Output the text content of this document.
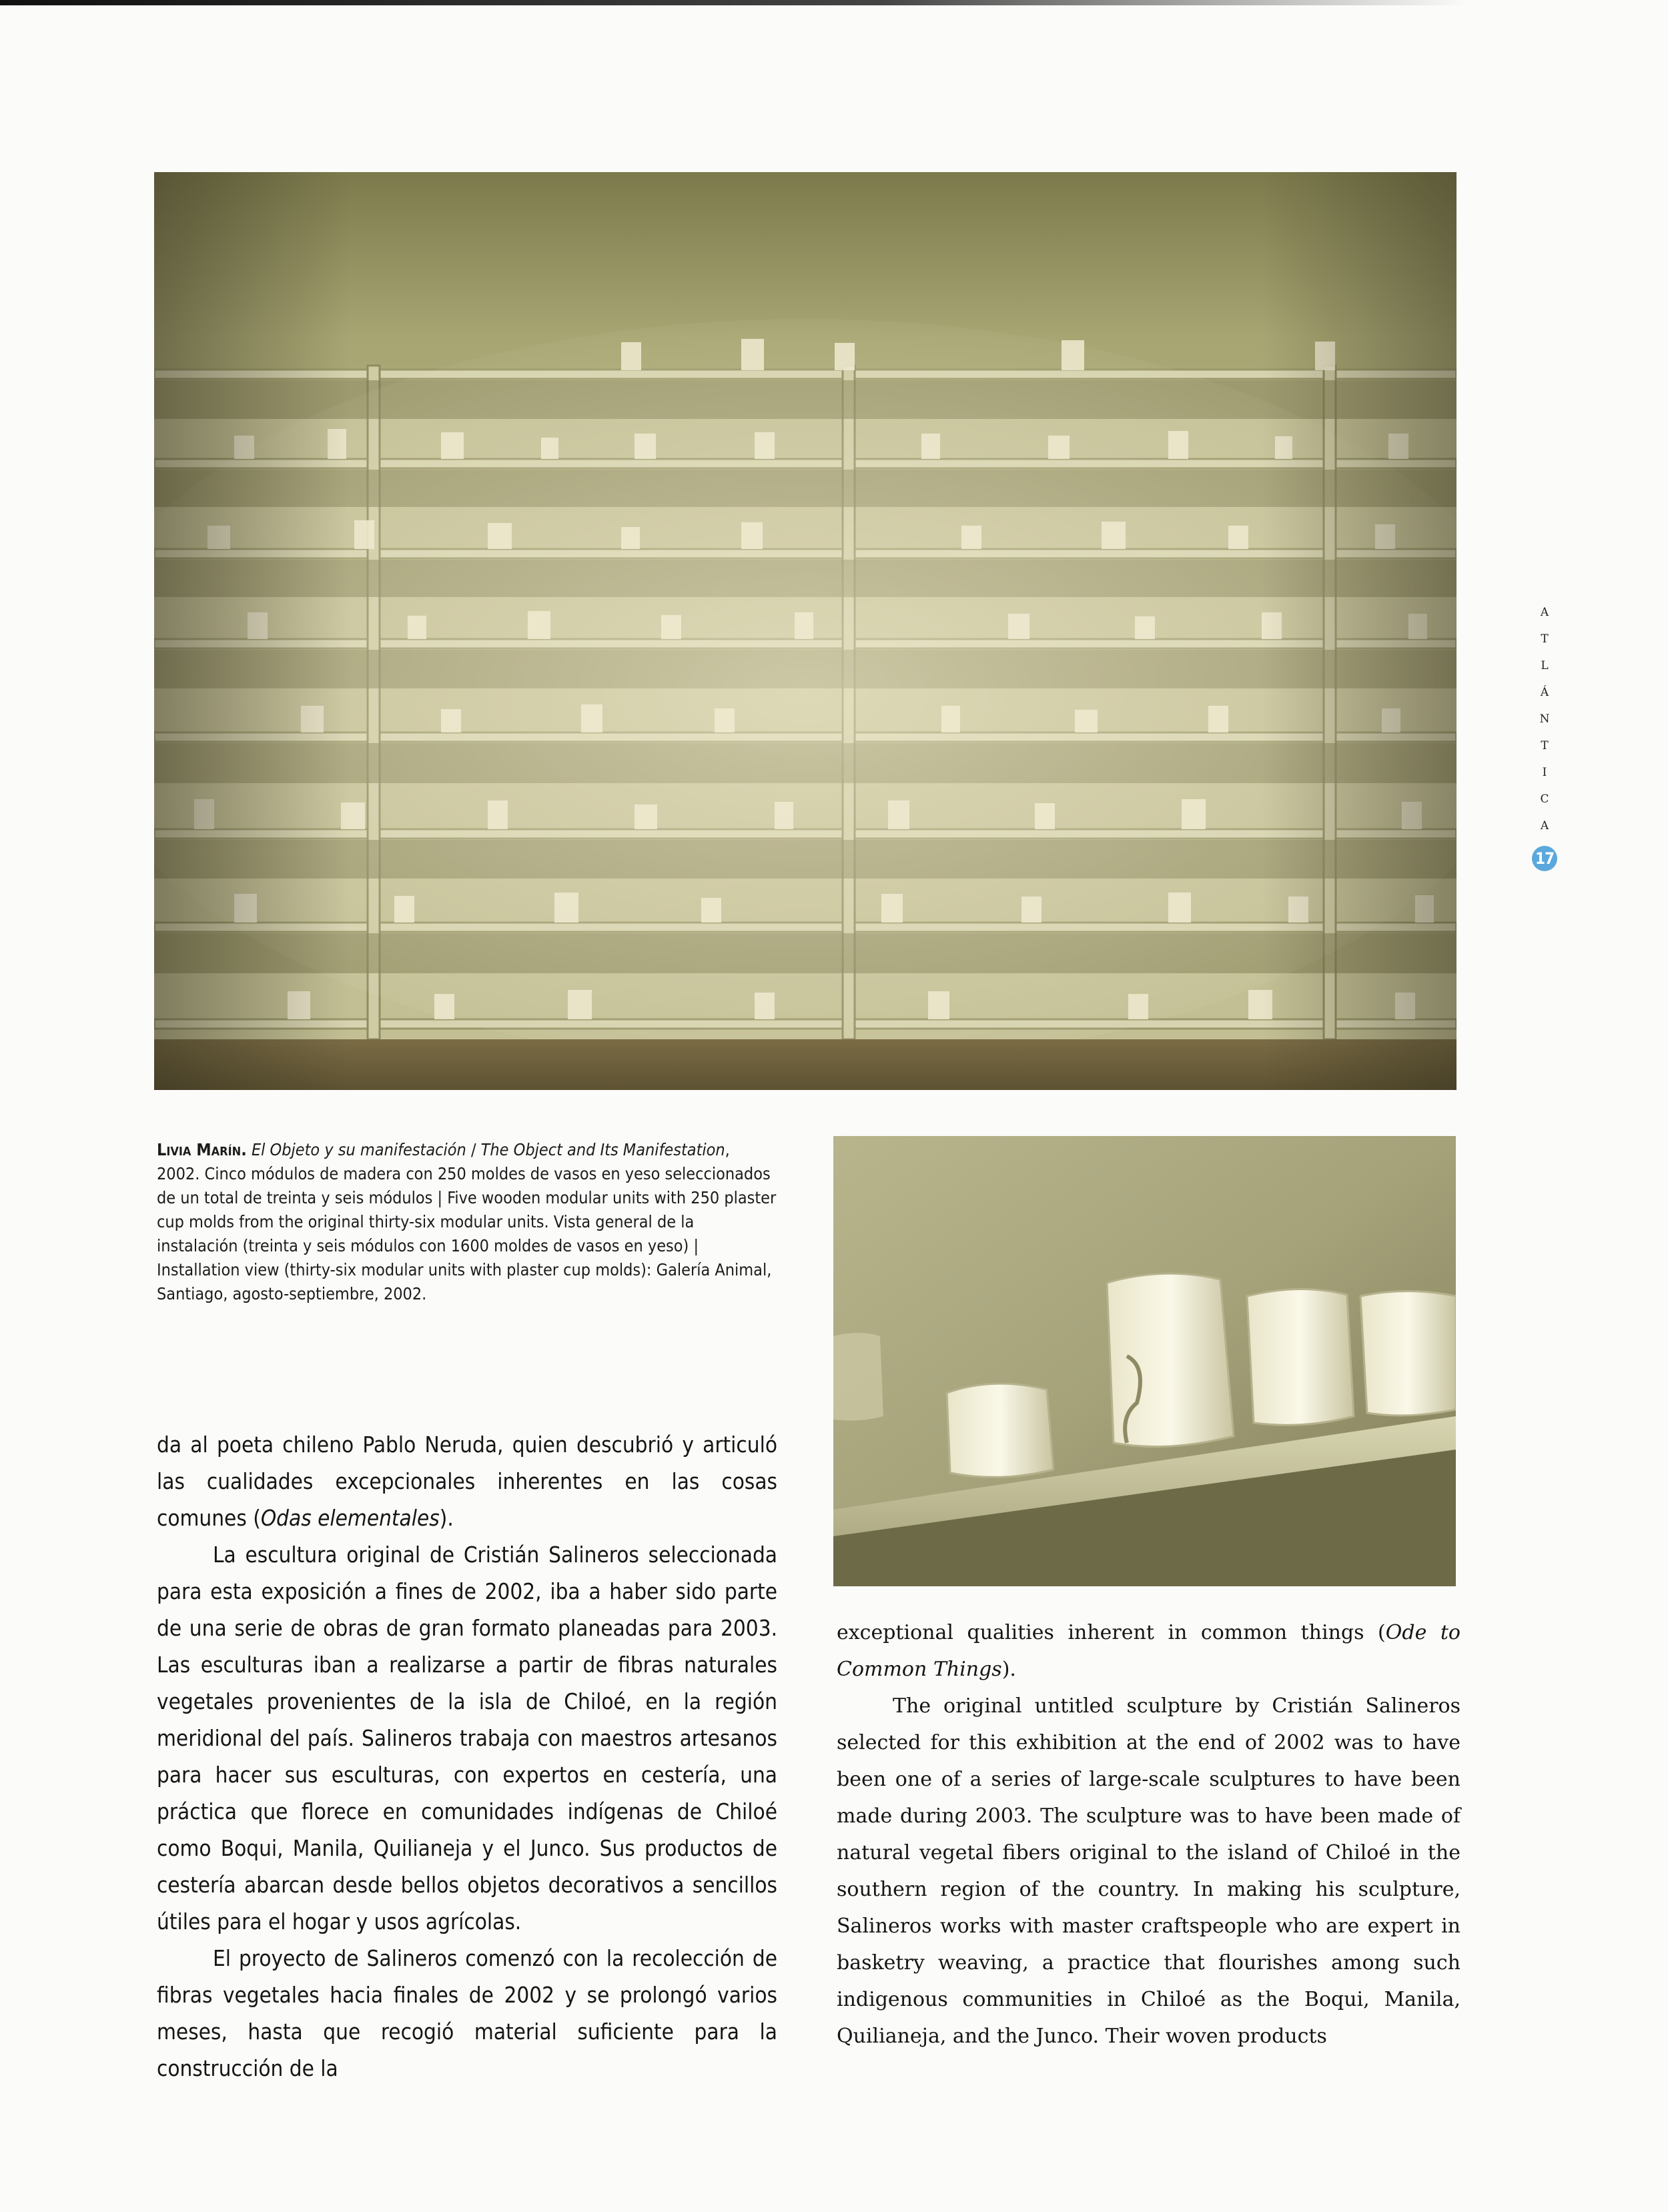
Livia Marín. El Objeto y su manifestación / The Object and Its Manifestation, 2002. Cinco módulos de madera con 250 moldes de vasos en yeso seleccionados de un total de treinta y seis módulos | Five wooden modular units with 250 plaster cup molds from the original thirty-six modular units. Vista general de la instalación (treinta y seis módulos con 1600 moldes de vasos en yeso) | Installation view (thirty-six modular units with plaster cup molds): Galería Animal, Santiago, agosto-septiembre, 2002.

da al poeta chileno Pablo Neruda, quien descubrió y articuló las cualidades excepcionales inherentes en las cosas comunes (Odas elementales).

La escultura original de Cristián Salineros seleccionada para esta exposición a fines de 2002, iba a haber sido parte de una serie de obras de gran formato planeadas para 2003. Las esculturas iban a realizarse a partir de fibras naturales vegetales provenientes de la isla de Chiloé, en la región meridional del país. Salineros trabaja con maestros artesanos para hacer sus esculturas, con expertos en cestería, una práctica que florece en comunidades indígenas de Chiloé como Boqui, Manila, Quilianeja y el Junco. Sus productos de cestería abarcan desde bellos objetos decorativos a sencillos útiles para el hogar y usos agrícolas.

El proyecto de Salineros comenzó con la recolección de fibras vegetales hacia finales de 2002 y se prolongó varios meses, hasta que recogió material suficiente para la construcción de la

exceptional qualities inherent in common things (Ode to Common Things).

The original untitled sculpture by Cristián Salineros selected for this exhibition at the end of 2002 was to have been one of a series of large-scale sculptures to have been made during 2003. The sculpture was to have been made of natural vegetal fibers original to the island of Chiloé in the southern region of the country. In making his sculpture, Salineros works with master craftspeople who are expert in basketry weaving, a practice that flourishes among such indigenous communities in Chiloé as the Boqui, Manila, Quilianeja, and the Junco. Their woven products

A
T
L
Á
N
T
I
C
A
17
